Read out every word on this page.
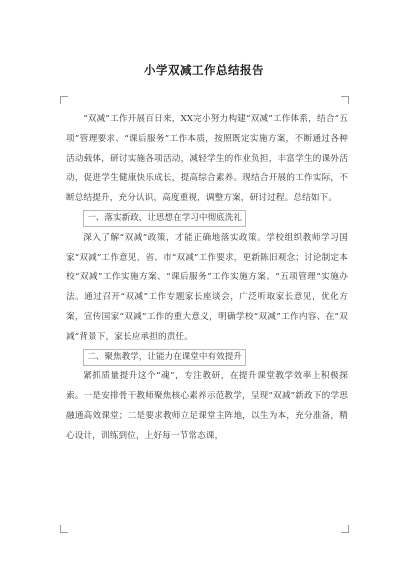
小学双减工作总结报告

“双减”工作开展百日来，XX完小努力构建“双减”工作体系，结合“五项”管理要求、“课后服务”工作本质，按照既定实施方案，不断通过各种活动载体，研讨实施各项活动，减轻学生的作业负担，丰富学生的课外活动，促进学生健康快乐成长，提高综合素养。现结合开展的工作实际，不断总结提升，充分认识，高度重视，调整方案，研讨过程。总结如下。

一、落实新政，让思想在学习中彻底洗礼

深入了解“双减”政策，才能正确地落实政策。学校组织教师学习国家“双减”工作意见，省、市“双减”工作要求，更新陈旧观念；讨论制定本校“双减”工作实施方案、“课后服务”工作实施方案、“五项管理”实施办法。通过召开“双减”工作专题家长座谈会，广泛听取家长意见，优化方案，宣传国家“双减”工作的重大意义，明确学校“双减”工作内容、在“双减”背景下，家长应承担的责任。

二、聚焦教学，让能力在课堂中有效提升

紧抓质量提升这个“魂”，专注教研，在提升课堂教学效率上积极探索。一是安排骨干教师聚焦核心素养示范教学，呈现“双减”新政下的学思融通高效课堂；二是要求教师立足课堂主阵地，以生为本，充分准备，精心设计，训练到位，上好每一节常态课，
